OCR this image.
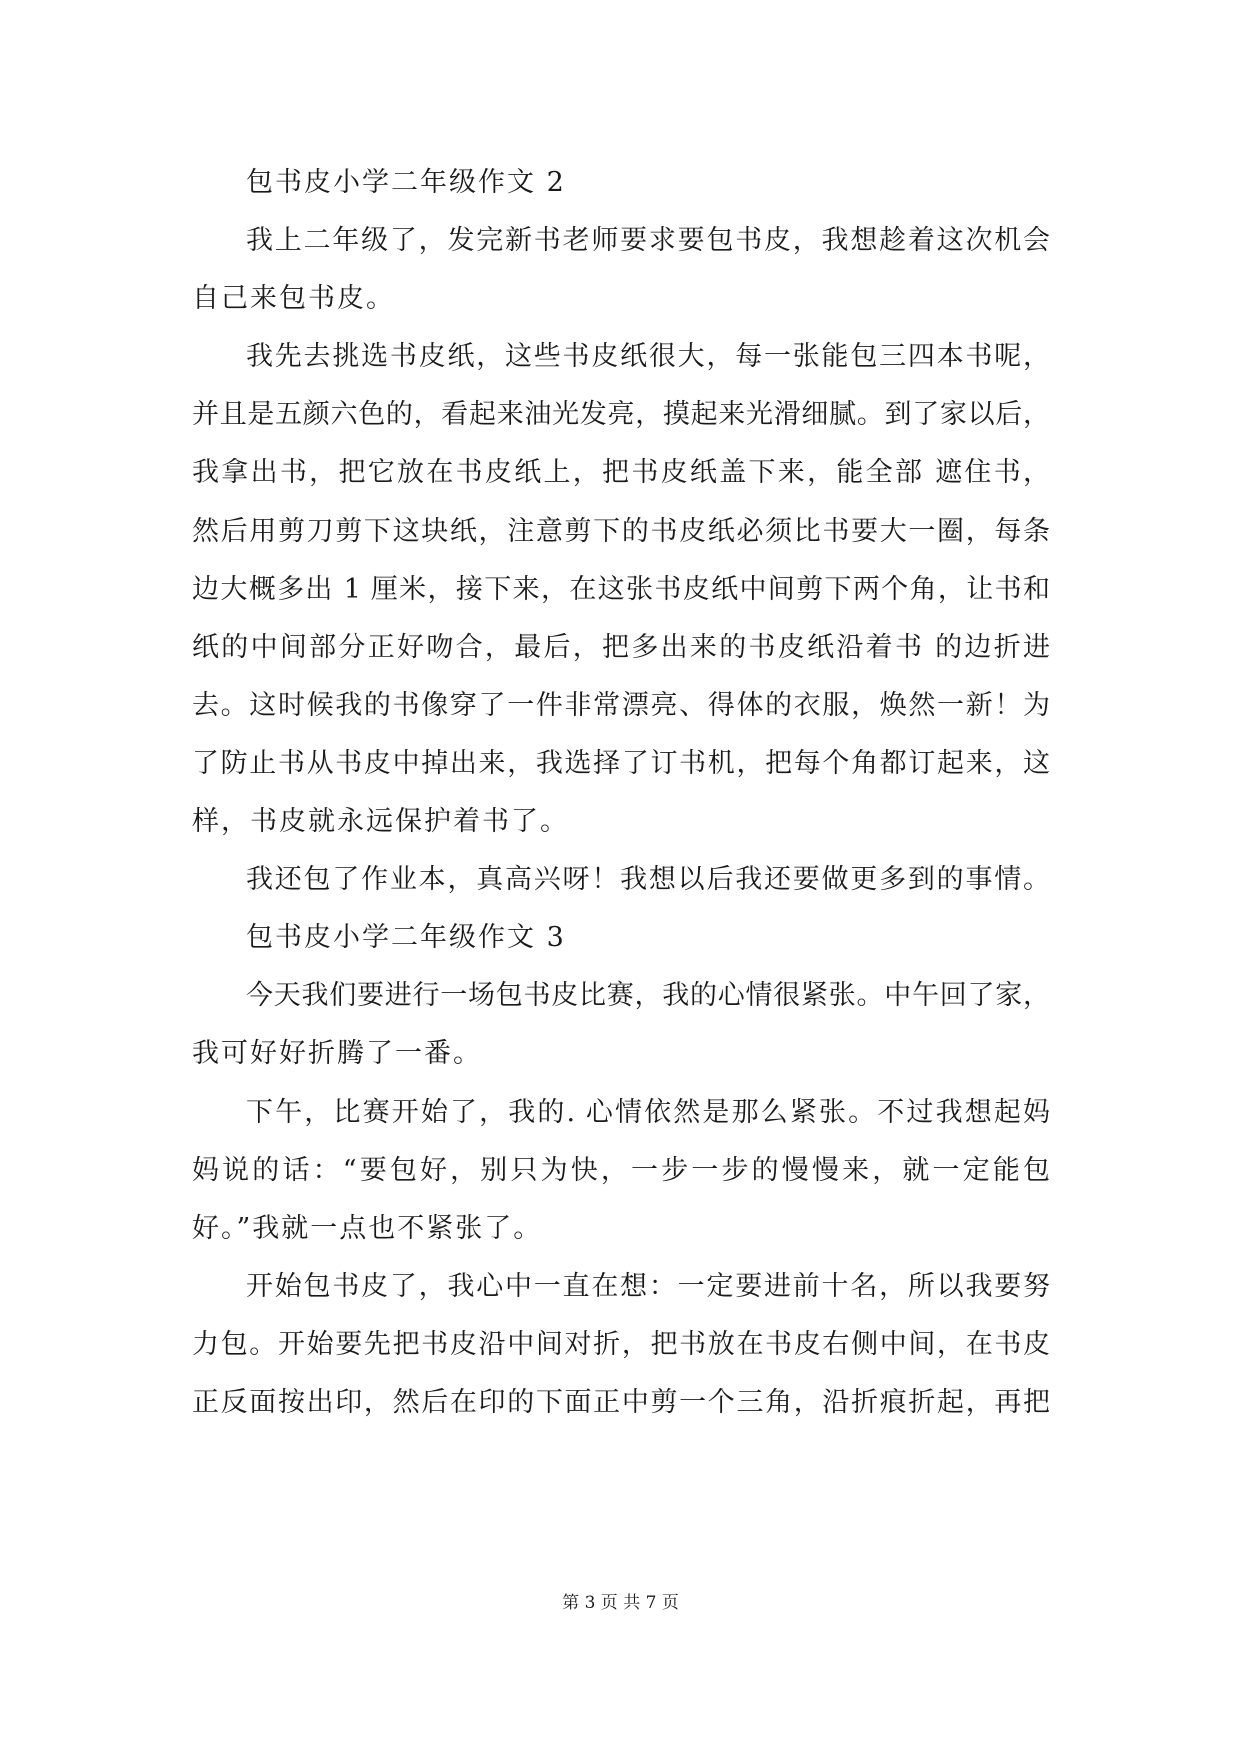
包书皮小学二年级作文 2
我上二年级了，发完新书老师要求要包书皮，我想趁着这次机会
自己来包书皮。
我先去挑选书皮纸，这些书皮纸很大，每一张能包三四本书呢，
并且是五颜六色的，看起来油光发亮，摸起来光滑细腻。到了家以后，
我拿出书，把它放在书皮纸上，把书皮纸盖下来，能全部 遮住书，
然后用剪刀剪下这块纸，注意剪下的书皮纸必须比书要大一圈，每条
边大概多出 1 厘米，接下来，在这张书皮纸中间剪下两个角，让书和
纸的中间部分正好吻合，最后，把多出来的书皮纸沿着书 的边折进
去。这时候我的书像穿了一件非常漂亮、得体的衣服，焕然一新！为
了防止书从书皮中掉出来，我选择了订书机，把每个角都订起来，这
样，书皮就永远保护着书了。
我还包了作业本，真高兴呀！我想以后我还要做更多到的事情。
包书皮小学二年级作文 3
今天我们要进行一场包书皮比赛，我的心情很紧张。中午回了家，
我可好好折腾了一番。
下午，比赛开始了，我的. 心情依然是那么紧张。不过我想起妈
妈说的话：“要包好，别只为快，一步一步的慢慢来，就一定能包
好。”我就一点也不紧张了。
开始包书皮了，我心中一直在想：一定要进前十名，所以我要努
力包。开始要先把书皮沿中间对折，把书放在书皮右侧中间，在书皮
正反面按出印，然后在印的下面正中剪一个三角，沿折痕折起，再把
第 3 页 共 7 页
